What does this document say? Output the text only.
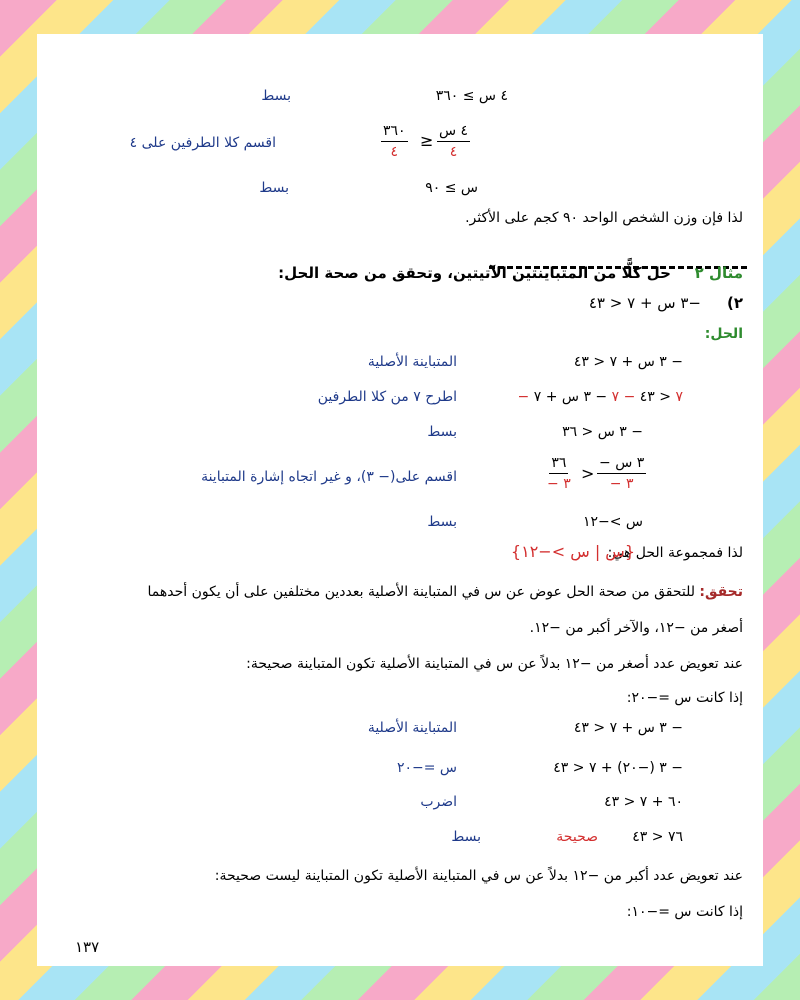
٤ س ≥ ٣٦٠
بسط
٤ س
٤
≥
٣٦٠
٤
اقسم كلا الطرفين على ٤
س ≥ ٩٠
بسط
لذا فإن وزن الشخص الواحد ٩٠ كجم على الأكثر.
مثال ٢
حل كلًّا من المتباينتين الآتيتين، وتحقق من صحة الحل:
٢)
−٣ س + ٧ < ٤٣
الحل:
− ٣ س + ٧ < ٤٣
المتباينة الأصلية
− ٧ < ٤٣ − ٧ − ٣ س + ٧
اطرح ٧ من كلا الطرفين
− ٣ س < ٣٦
بسط
− ٣ س
− ٣
>
٣٦
− ٣
اقسم على(− ٣)، و غير اتجاه إشارة المتباينة
س >−١٢
بسط
لذا فمجموعة الحل هي:
{س | س >−١٢}
تحقق:
للتحقق من صحة الحل عوض عن س في المتباينة الأصلية بعددين مختلفين على أن يكون أحدهما
أصغر من −١٢، والآخر أكبر من −١٢.
عند تعويض عدد أصغر من −١٢ بدلاً عن س في المتباينة الأصلية تكون المتباينة صحيحة:
إذا كانت س =−٢٠:
− ٣ س + ٧ < ٤٣
المتباينة الأصلية
− ٣ (−٢٠) + ٧ < ٤٣
س =−٢٠
٦٠ + ٧ < ٤٣
اضرب
٧٦ < ٤٣
صحيحة
بسط
عند تعويض عدد أكبر من −١٢ بدلاً عن س في المتباينة الأصلية تكون المتباينة ليست صحيحة:
إذا كانت س =−١٠:
١٣٧
